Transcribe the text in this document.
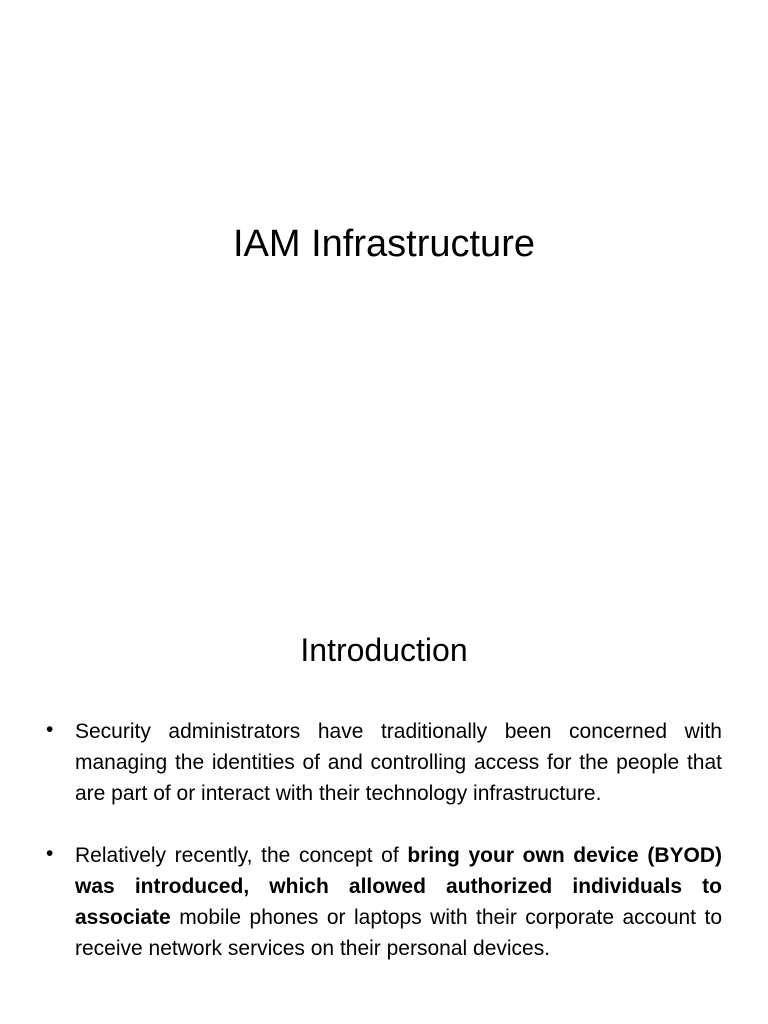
IAM Infrastructure
Introduction
• Security administrators have traditionally been concerned with managing the identities of and controlling access for the people that are part of or interact with their technology infrastructure.
• Relatively recently, the concept of bring your own device (BYOD) was introduced, which allowed authorized individuals to associate mobile phones or laptops with their corporate account to receive network services on their personal devices.
